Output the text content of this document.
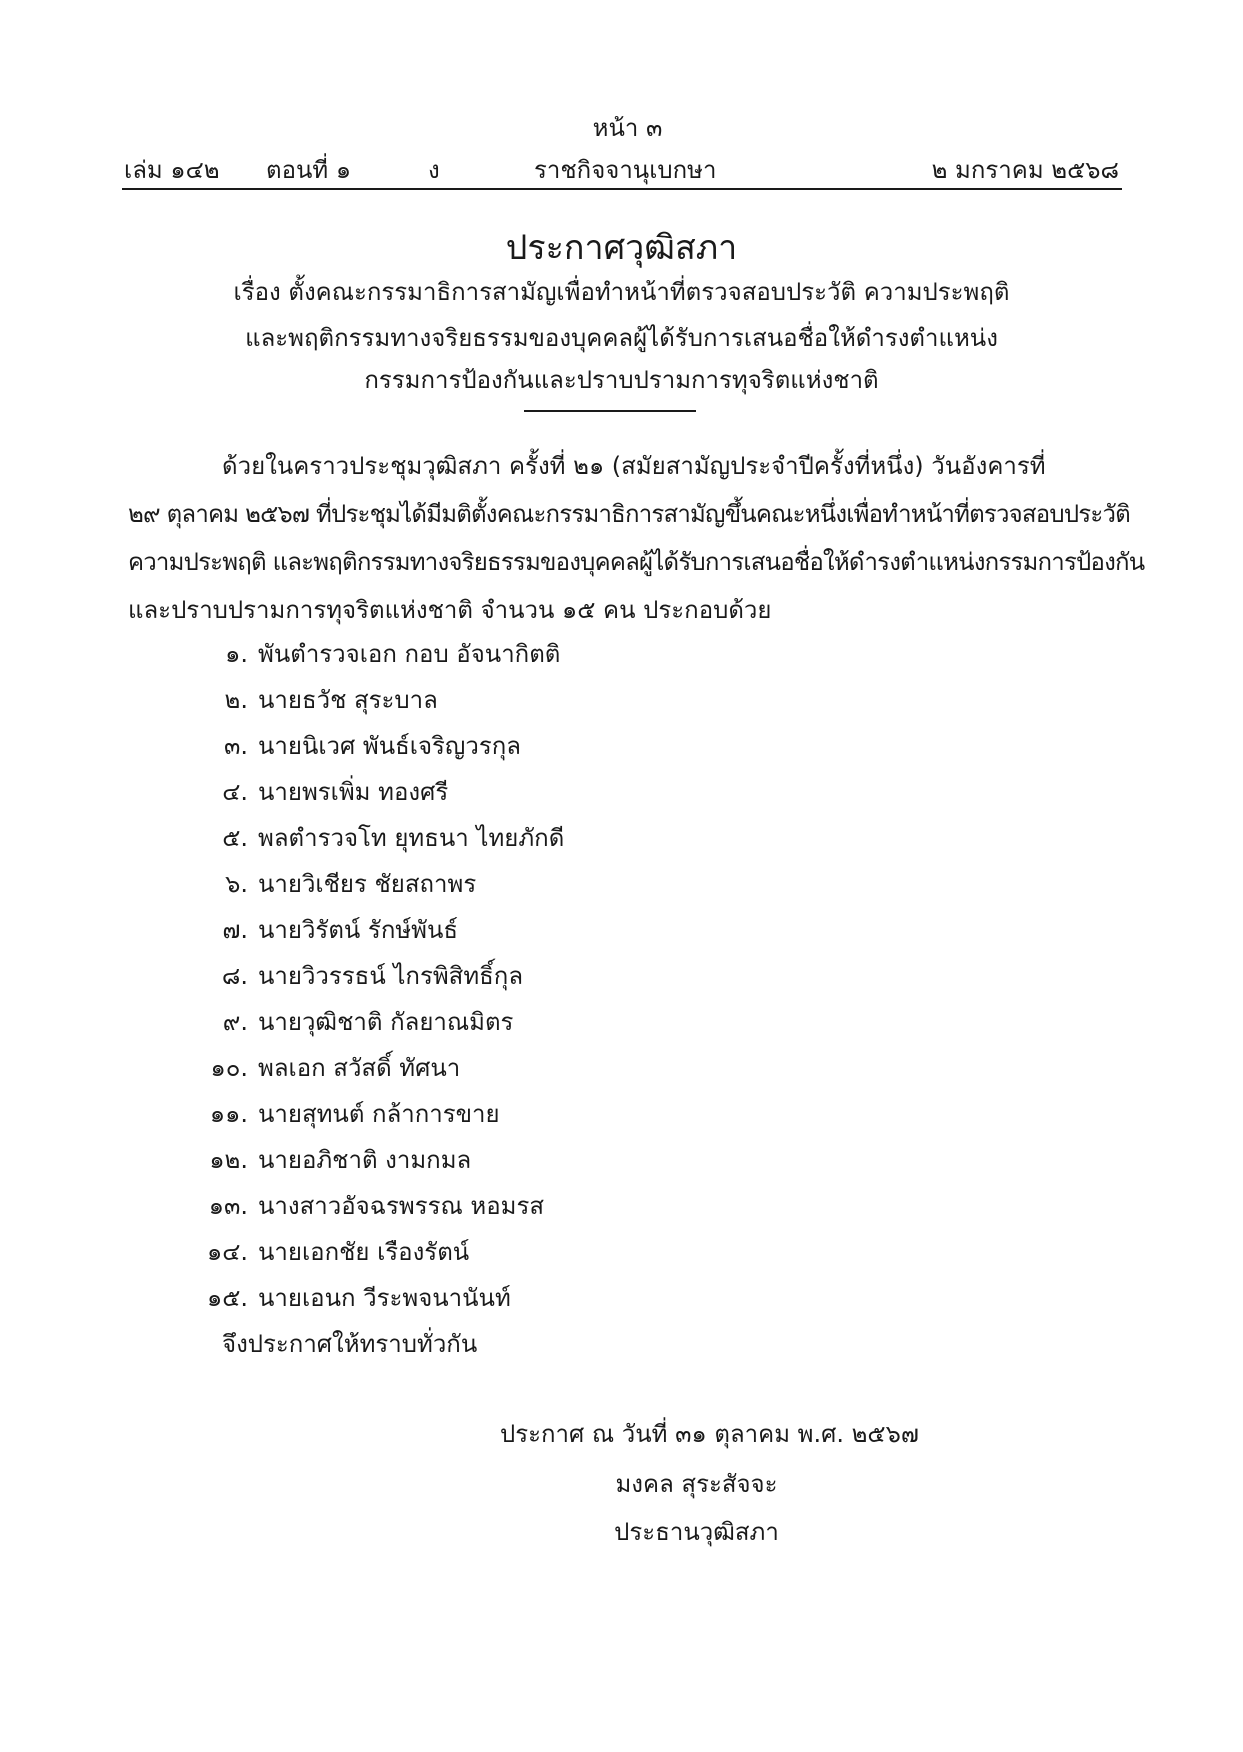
หน้า ๓
เล่ม ๑๔๒ ตอนที่ ๑	ง	ราชกิจจานุเบกษา	๒ มกราคม ๒๕๖๘
ประกาศวุฒิสภา
เรื่อง ตั้งคณะกรรมาธิการสามัญเพื่อทำหน้าที่ตรวจสอบประวัติ ความประพฤติ
และพฤติกรรมทางจริยธรรมของบุคคลผู้ได้รับการเสนอชื่อให้ดำรงตำแหน่ง
กรรมการป้องกันและปราบปรามการทุจริตแห่งชาติ
ด้วยในคราวประชุมวุฒิสภา ครั้งที่ ๒๑ (สมัยสามัญประจำปีครั้งที่หนึ่ง) วันอังคารที่
๒๙ ตุลาคม ๒๕๖๗ ที่ประชุมได้มีมติตั้งคณะกรรมาธิการสามัญขึ้นคณะหนึ่งเพื่อทำหน้าที่ตรวจสอบประวัติ
ความประพฤติ และพฤติกรรมทางจริยธรรมของบุคคลผู้ได้รับการเสนอชื่อให้ดำรงตำแหน่งกรรมการป้องกัน
และปราบปรามการทุจริตแห่งชาติ จำนวน ๑๕ คน ประกอบด้วย
๑. พันตำรวจเอก กอบ อัจนากิตติ
๒. นายธวัช สุระบาล
๓. นายนิเวศ พันธ์เจริญวรกุล
๔. นายพรเพิ่ม ทองศรี
๕. พลตำรวจโท ยุทธนา ไทยภักดี
๖. นายวิเชียร ชัยสถาพร
๗. นายวิรัตน์ รักษ์พันธ์
๘. นายวิวรรธน์ ไกรพิสิทธิ์กุล
๙. นายวุฒิชาติ กัลยาณมิตร
๑๐. พลเอก สวัสดิ์ ทัศนา
๑๑. นายสุทนต์ กล้าการขาย
๑๒. นายอภิชาติ งามกมล
๑๓. นางสาวอัจฉรพรรณ หอมรส
๑๔. นายเอกชัย เรืองรัตน์
๑๕. นายเอนก วีระพจนานันท์
จึงประกาศให้ทราบทั่วกัน
ประกาศ ณ วันที่ ๓๑ ตุลาคม พ.ศ. ๒๕๖๗
มงคล สุระสัจจะ
ประธานวุฒิสภา
